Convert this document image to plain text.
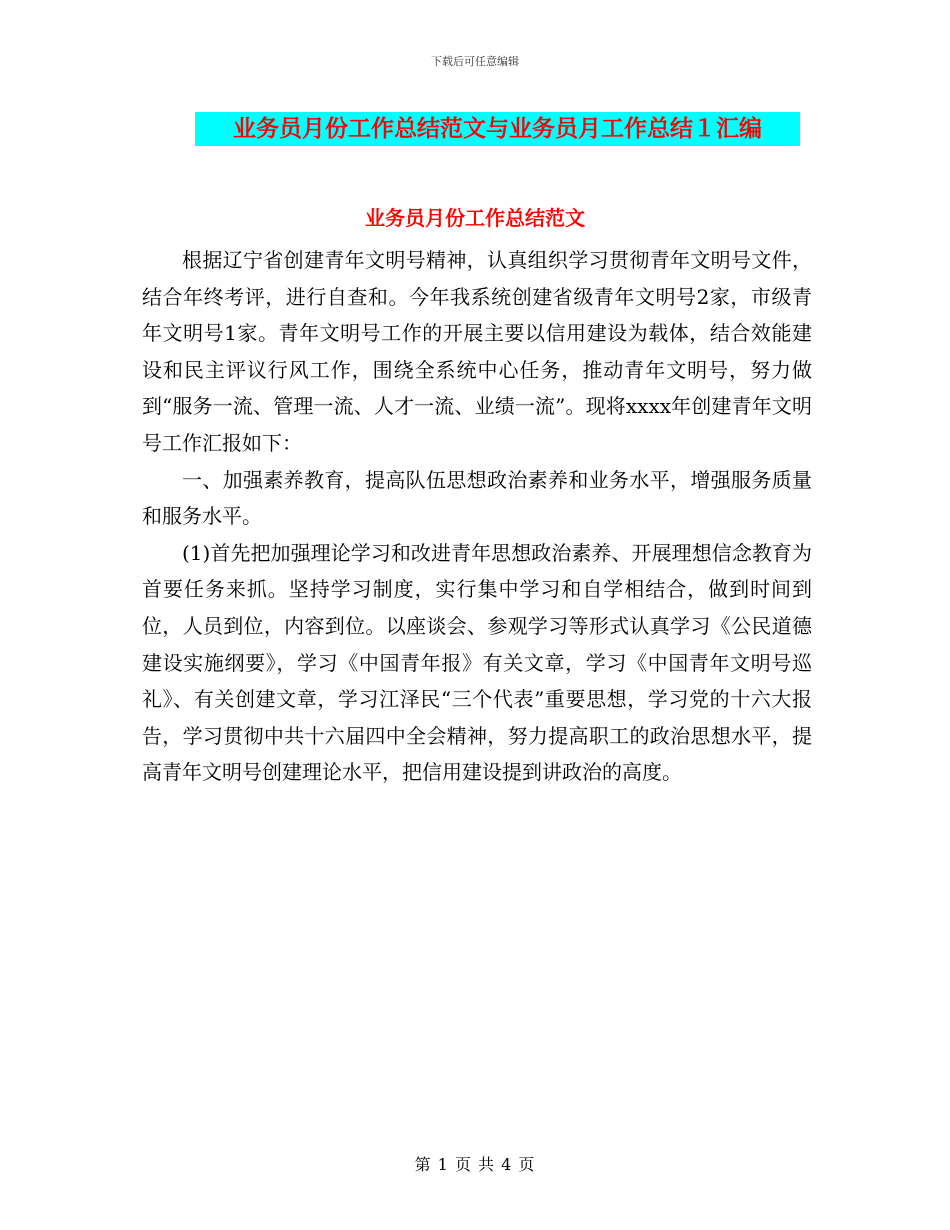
下载后可任意编辑
业务员月份工作总结范文与业务员月工作总结１汇编
业务员月份工作总结范文

根据辽宁省创建青年文明号精神，认真组织学习贯彻青年文明号文件，结合年终考评，进行自查和。今年我系统创建省级青年文明号2家，市级青年文明号1家。青年文明号工作的开展主要以信用建设为载体，结合效能建设和民主评议行风工作，围绕全系统中心任务，推动青年文明号，努力做到“服务一流、管理一流、人才一流、业绩一流”。现将xxxx年创建青年文明号工作汇报如下：

一、加强素养教育，提高队伍思想政治素养和业务水平，增强服务质量和服务水平。

(1)首先把加强理论学习和改进青年思想政治素养、开展理想信念教育为首要任务来抓。坚持学习制度，实行集中学习和自学相结合，做到时间到位，人员到位，内容到位。以座谈会、参观学习等形式认真学习《公民道德建设实施纲要》，学习《中国青年报》有关文章，学习《中国青年文明号巡礼》、有关创建文章，学习江泽民“三个代表”重要思想，学习党的十六大报告，学习贯彻中共十六届四中全会精神，努力提高职工的政治思想水平，提高青年文明号创建理论水平，把信用建设提到讲政治的高度。

第 1 页 共 4 页
